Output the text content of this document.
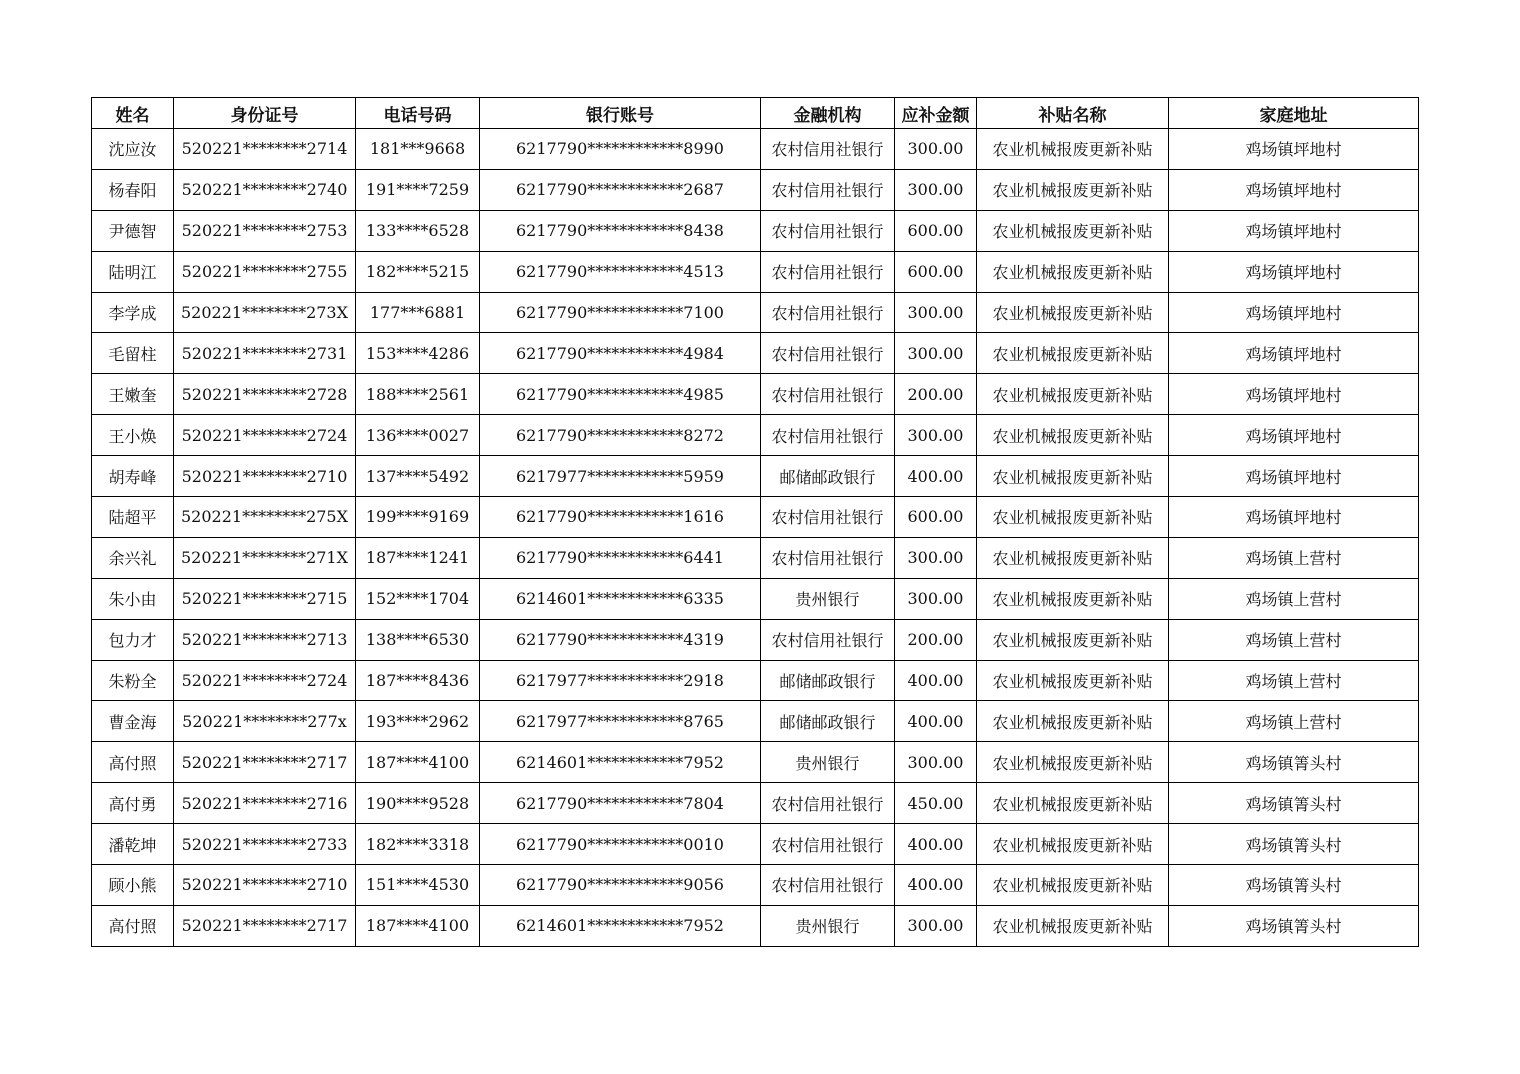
姓名	身份证号	电话号码	银行账号	金融机构	应补金额	补贴名称	家庭地址
沈应汝	520221********2714	181***9668	6217790************8990	农村信用社银行	300.00	农业机械报废更新补贴	鸡场镇坪地村
杨春阳	520221********2740	191****7259	6217790************2687	农村信用社银行	300.00	农业机械报废更新补贴	鸡场镇坪地村
尹德智	520221********2753	133****6528	6217790************8438	农村信用社银行	600.00	农业机械报废更新补贴	鸡场镇坪地村
陆明江	520221********2755	182****5215	6217790************4513	农村信用社银行	600.00	农业机械报废更新补贴	鸡场镇坪地村
李学成	520221********273X	177***6881	6217790************7100	农村信用社银行	300.00	农业机械报废更新补贴	鸡场镇坪地村
毛留柱	520221********2731	153****4286	6217790************4984	农村信用社银行	300.00	农业机械报废更新补贴	鸡场镇坪地村
王嫩奎	520221********2728	188****2561	6217790************4985	农村信用社银行	200.00	农业机械报废更新补贴	鸡场镇坪地村
王小焕	520221********2724	136****0027	6217790************8272	农村信用社银行	300.00	农业机械报废更新补贴	鸡场镇坪地村
胡寿峰	520221********2710	137****5492	6217977************5959	邮储邮政银行	400.00	农业机械报废更新补贴	鸡场镇坪地村
陆超平	520221********275X	199****9169	6217790************1616	农村信用社银行	600.00	农业机械报废更新补贴	鸡场镇坪地村
余兴礼	520221********271X	187****1241	6217790************6441	农村信用社银行	300.00	农业机械报废更新补贴	鸡场镇上营村
朱小由	520221********2715	152****1704	6214601************6335	贵州银行	300.00	农业机械报废更新补贴	鸡场镇上营村
包力才	520221********2713	138****6530	6217790************4319	农村信用社银行	200.00	农业机械报废更新补贴	鸡场镇上营村
朱粉全	520221********2724	187****8436	6217977************2918	邮储邮政银行	400.00	农业机械报废更新补贴	鸡场镇上营村
曹金海	520221********277x	193****2962	6217977************8765	邮储邮政银行	400.00	农业机械报废更新补贴	鸡场镇上营村
高付照	520221********2717	187****4100	6214601************7952	贵州银行	300.00	农业机械报废更新补贴	鸡场镇箐头村
高付勇	520221********2716	190****9528	6217790************7804	农村信用社银行	450.00	农业机械报废更新补贴	鸡场镇箐头村
潘乾坤	520221********2733	182****3318	6217790************0010	农村信用社银行	400.00	农业机械报废更新补贴	鸡场镇箐头村
顾小熊	520221********2710	151****4530	6217790************9056	农村信用社银行	400.00	农业机械报废更新补贴	鸡场镇箐头村
高付照	520221********2717	187****4100	6214601************7952	贵州银行	300.00	农业机械报废更新补贴	鸡场镇箐头村
